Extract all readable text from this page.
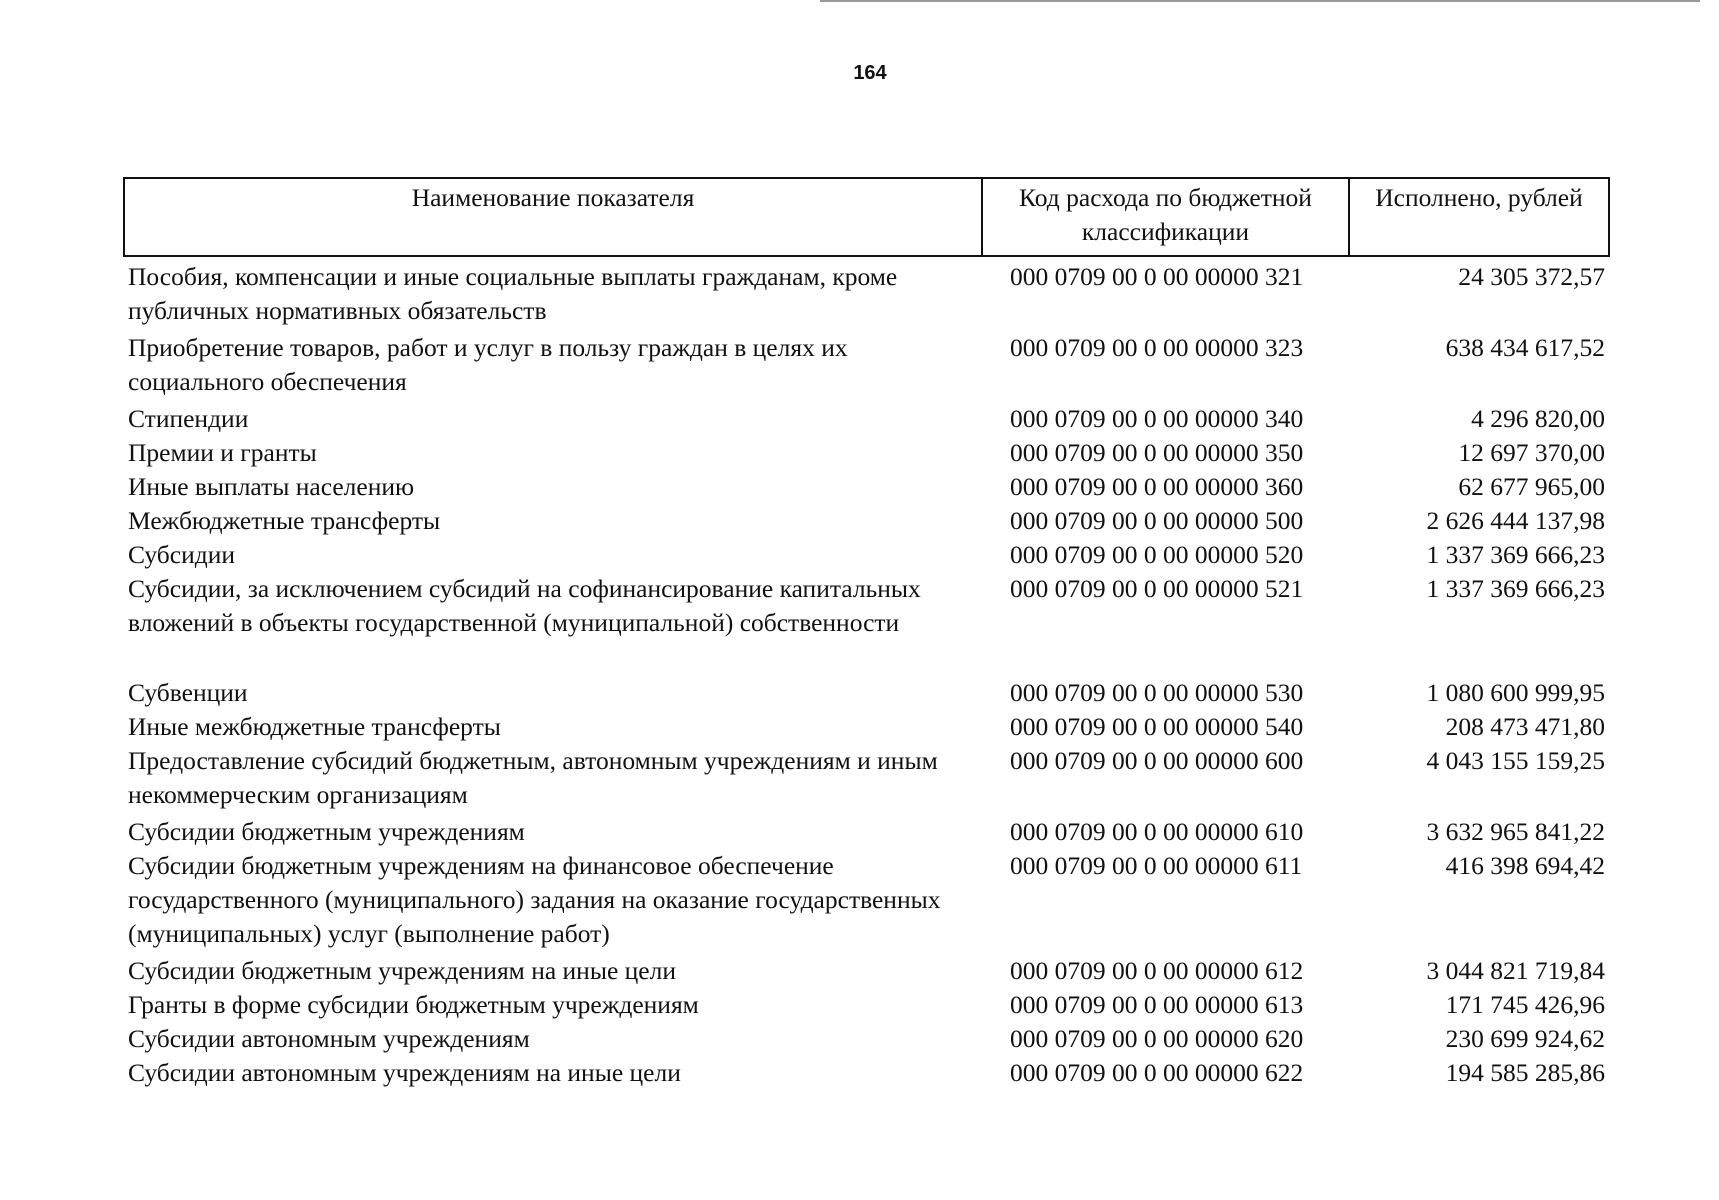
164
Наименование показателя	Код расхода по бюджетной классификации	Исполнено, рублей
Пособия, компенсации и иные социальные выплаты гражданам, кроме публичных нормативных обязательств	000 0709 00 0 00 00000 321	24 305 372,57
Приобретение товаров, работ и услуг в пользу граждан в целях их социального обеспечения	000 0709 00 0 00 00000 323	638 434 617,52
Стипендии	000 0709 00 0 00 00000 340	4 296 820,00
Премии и гранты	000 0709 00 0 00 00000 350	12 697 370,00
Иные выплаты населению	000 0709 00 0 00 00000 360	62 677 965,00
Межбюджетные трансферты	000 0709 00 0 00 00000 500	2 626 444 137,98
Субсидии	000 0709 00 0 00 00000 520	1 337 369 666,23
Субсидии, за исключением субсидий на софинансирование капитальных вложений в объекты государственной (муниципальной) собственности	000 0709 00 0 00 00000 521	1 337 369 666,23
Субвенции	000 0709 00 0 00 00000 530	1 080 600 999,95
Иные межбюджетные трансферты	000 0709 00 0 00 00000 540	208 473 471,80
Предоставление субсидий бюджетным, автономным учреждениям и иным некоммерческим организациям	000 0709 00 0 00 00000 600	4 043 155 159,25
Субсидии бюджетным учреждениям	000 0709 00 0 00 00000 610	3 632 965 841,22
Субсидии бюджетным учреждениям на финансовое обеспечение государственного (муниципального) задания на оказание государственных (муниципальных) услуг (выполнение работ)	000 0709 00 0 00 00000 611	416 398 694,42
Субсидии бюджетным учреждениям на иные цели	000 0709 00 0 00 00000 612	3 044 821 719,84
Гранты в форме субсидии бюджетным учреждениям	000 0709 00 0 00 00000 613	171 745 426,96
Субсидии автономным учреждениям	000 0709 00 0 00 00000 620	230 699 924,62
Субсидии автономным учреждениям на иные цели	000 0709 00 0 00 00000 622	194 585 285,86
